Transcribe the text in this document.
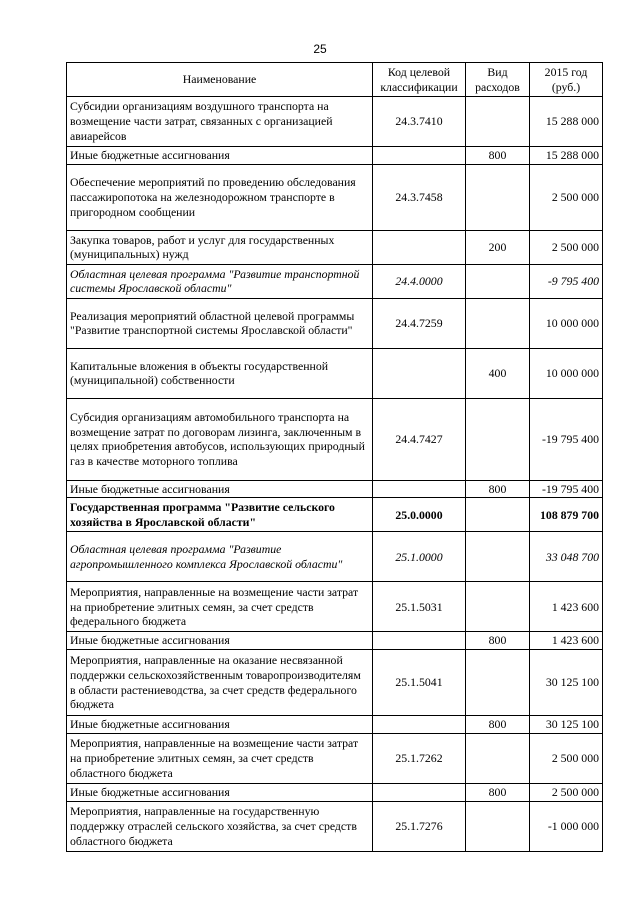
25
Наименование	Код целевой классификации	Вид расходов	2015 год (руб.)
Субсидии организациям воздушного транспорта на возмещение части затрат, связанных с организацией авиарейсов	24.3.7410		15 288 000
Иные бюджетные ассигнования		800	15 288 000
Обеспечение мероприятий по проведению обследования пассажиропотока на железнодорожном транспорте в пригородном сообщении	24.3.7458		2 500 000
Закупка товаров, работ и услуг для государственных (муниципальных) нужд		200	2 500 000
Областная целевая программа "Развитие транспортной системы Ярославской области"	24.4.0000		-9 795 400
Реализация мероприятий областной целевой программы "Развитие транспортной системы Ярославской области"	24.4.7259		10 000 000
Капитальные вложения в объекты государственной (муниципальной) собственности		400	10 000 000
Субсидия организациям автомобильного транспорта на возмещение затрат по договорам лизинга, заключенным в целях приобретения автобусов, использующих природный газ в качестве моторного топлива	24.4.7427		-19 795 400
Иные бюджетные ассигнования		800	-19 795 400
Государственная программа "Развитие сельского хозяйства в Ярославской области"	25.0.0000		108 879 700
Областная целевая программа "Развитие агропромышленного комплекса Ярославской области"	25.1.0000		33 048 700
Мероприятия, направленные на возмещение части затрат на приобретение элитных семян, за счет средств федерального бюджета	25.1.5031		1 423 600
Иные бюджетные ассигнования		800	1 423 600
Мероприятия, направленные на оказание несвязанной поддержки сельскохозяйственным товаропроизводителям в области растениеводства, за счет средств федерального бюджета	25.1.5041		30 125 100
Иные бюджетные ассигнования		800	30 125 100
Мероприятия, направленные на возмещение части затрат на приобретение элитных семян, за счет средств областного бюджета	25.1.7262		2 500 000
Иные бюджетные ассигнования		800	2 500 000
Мероприятия, направленные на государственную поддержку отраслей сельского хозяйства, за счет средств областного бюджета	25.1.7276		-1 000 000
